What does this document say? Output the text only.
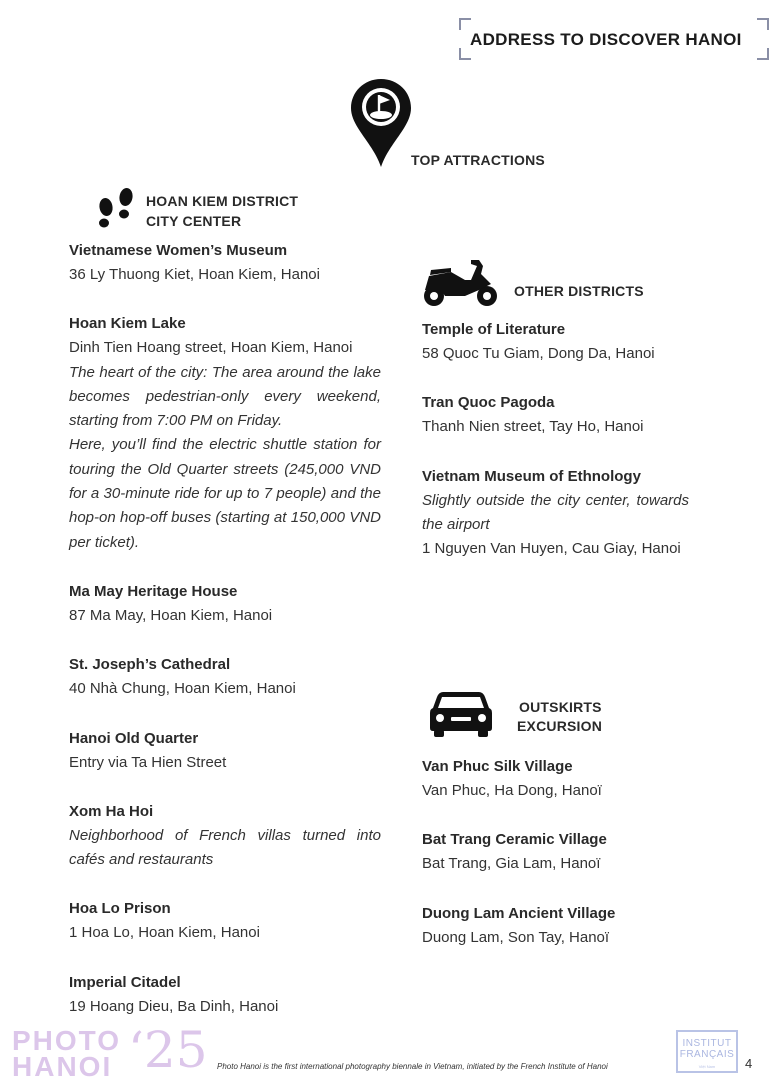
ADDRESS TO DISCOVER HANOI
TOP ATTRACTIONS
HOAN KIEM DISTRICT
CITY CENTER
Vietnamese Women’s Museum
36 Ly Thuong Kiet, Hoan Kiem, Hanoi
Hoan Kiem Lake
Dinh Tien Hoang street, Hoan Kiem, Hanoi
The heart of the city: The area around the lake becomes pedestrian-only every weekend, starting from 7:00 PM on Friday.
Here, you’ll find the electric shuttle station for touring the Old Quarter streets (245,000 VND for a 30-minute ride for up to 7 people) and the hop-on hop-off buses (starting at 150,000 VND per ticket).
Ma May Heritage House
87 Ma May, Hoan Kiem, Hanoi
St. Joseph’s Cathedral
40 Nhà Chung, Hoan Kiem, Hanoi
Hanoi Old Quarter
Entry via Ta Hien Street
Xom Ha Hoi
Neighborhood of French villas turned into cafés and restaurants
Hoa Lo Prison
1 Hoa Lo, Hoan Kiem, Hanoi
Imperial Citadel
19 Hoang Dieu, Ba Dinh, Hanoi
OTHER DISTRICTS
Temple of Literature
58 Quoc Tu Giam, Dong Da, Hanoi
Tran Quoc Pagoda
Thanh Nien street, Tay Ho, Hanoi
Vietnam Museum of Ethnology
Slightly outside the city center, towards the airport
1 Nguyen Van Huyen, Cau Giay, Hanoi
OUTSKIRTS
EXCURSION
Van Phuc Silk Village
Van Phuc, Ha Dong, Hanoï
Bat Trang Ceramic Village
Bat Trang, Gia Lam, Hanoï
Duong Lam Ancient Village
Duong Lam, Son Tay, Hanoï
PHOTO
HANOI ‘25 Photo Hanoi is the first international photography biennale in Vietnam, initiated by the French Institute of Hanoi
INSTITUT
FRANÇAIS
Việt Nam	4
